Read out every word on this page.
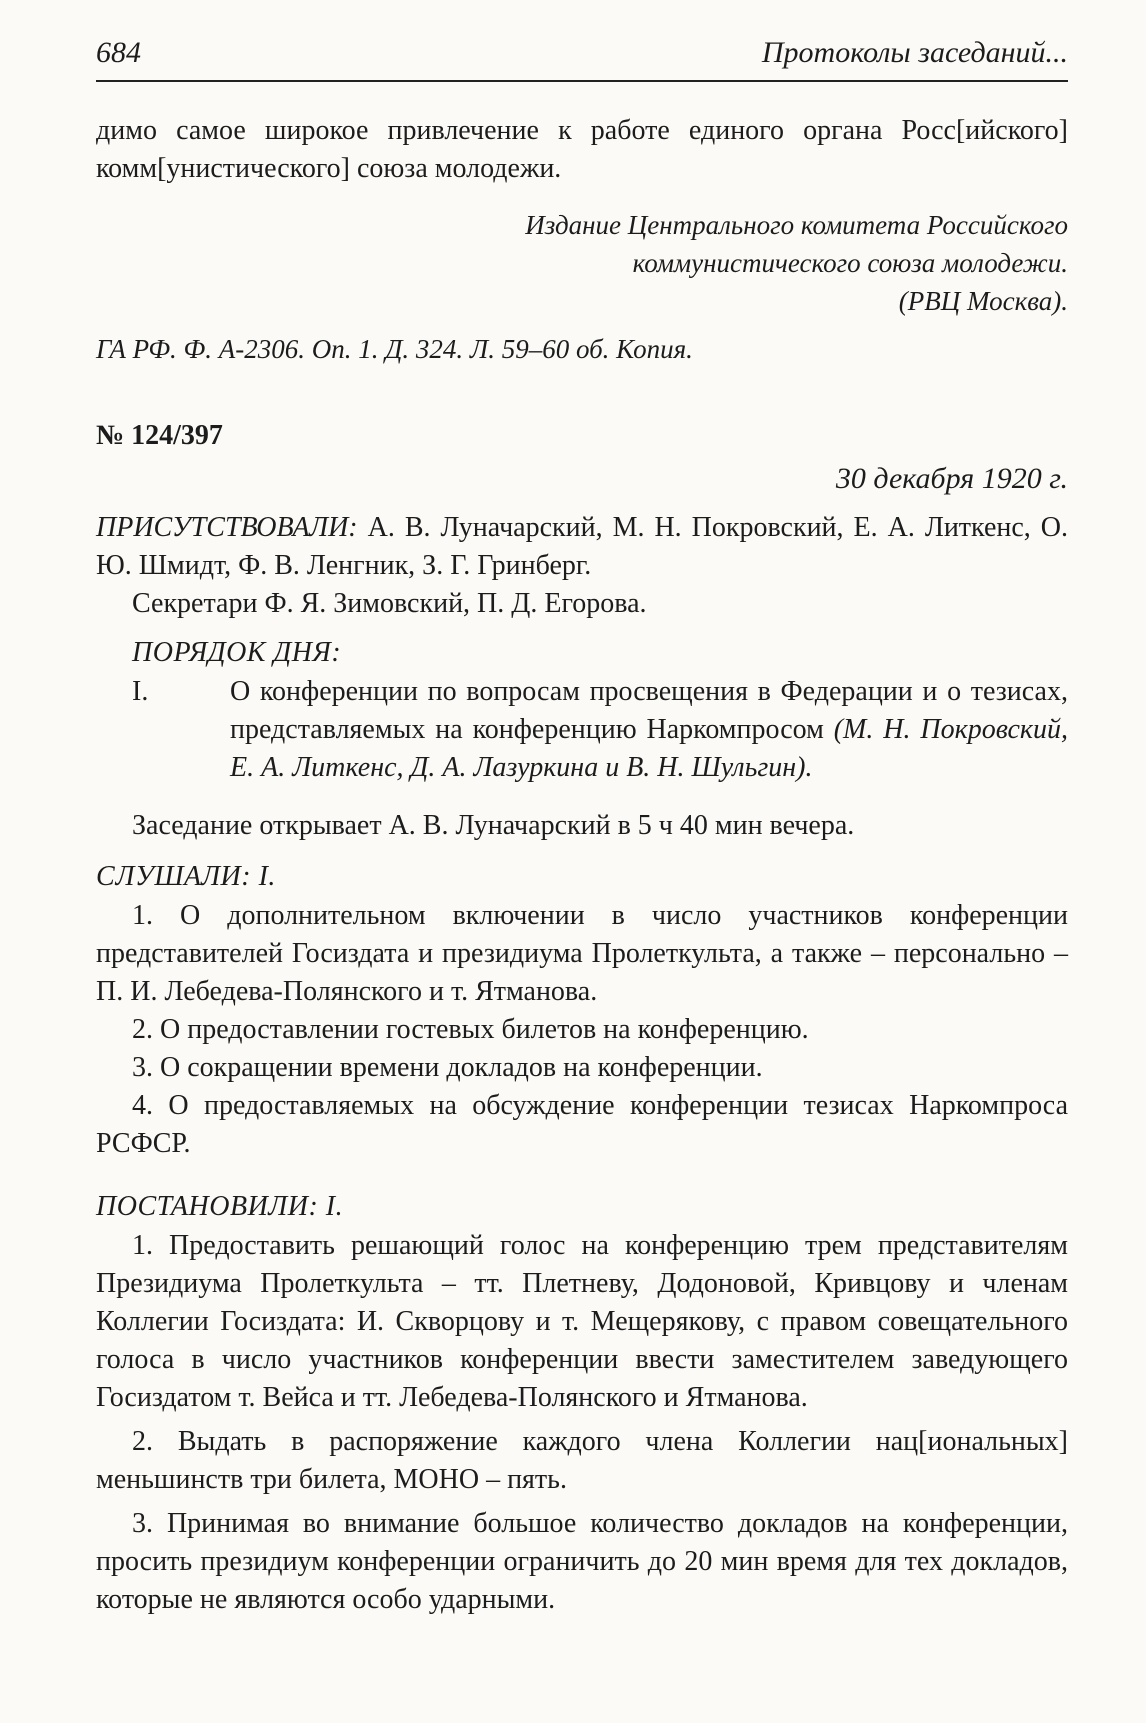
684	Протоколы заседаний...

димо самое широкое привлечение к работе единого органа Росс[ийского] комм[унистического] союза молодежи.

Издание Центрального комитета Российского
коммунистического союза молодежи.
(РВЦ Москва).
ГА РФ. Ф. А-2306. Оп. 1. Д. 324. Л. 59–60 об. Копия.
№ 124/397
30 декабря 1920 г.

ПРИСУТСТВОВАЛИ: А. В. Луначарский, М. Н. Покровский, Е. А. Литкенс, О. Ю. Шмидт, Ф. В. Ленгник, З. Г. Гринберг.

Секретари Ф. Я. Зимовский, П. Д. Егорова.

ПОРЯДОК ДНЯ:
I.	О конференции по вопросам просвещения в Федерации и о тезисах, представляемых на конференцию Наркомпросом (М. Н. Покровский, Е. А. Литкенс, Д. А. Лазуркина и В. Н. Шульгин).

Заседание открывает А. В. Луначарский в 5 ч 40 мин вечера.

СЛУШАЛИ: I.

1. О дополнительном включении в число участников конференции представителей Госиздата и президиума Пролеткульта, а также – персонально – П. И. Лебедева-Полянского и т. Ятманова.

2. О предоставлении гостевых билетов на конференцию.

3. О сокращении времени докладов на конференции.

4. О предоставляемых на обсуждение конференции тезисах Наркомпроса РСФСР.

ПОСТАНОВИЛИ: I.

1. Предоставить решающий голос на конференцию трем представителям Президиума Пролеткульта – тт. Плетневу, Додоновой, Кривцову и членам Коллегии Госиздата: И. Скворцову и т. Мещерякову, с правом совещательного голоса в число участников конференции ввести заместителем заведующего Госиздатом т. Вейса и тт. Лебедева-Полянского и Ятманова.

2. Выдать в распоряжение каждого члена Коллегии нац[иональных] меньшинств три билета, МОНО – пять.

3. Принимая во внимание большое количество докладов на конференции, просить президиум конференции ограничить до 20 мин время для тех докладов, которые не являются особо ударными.
